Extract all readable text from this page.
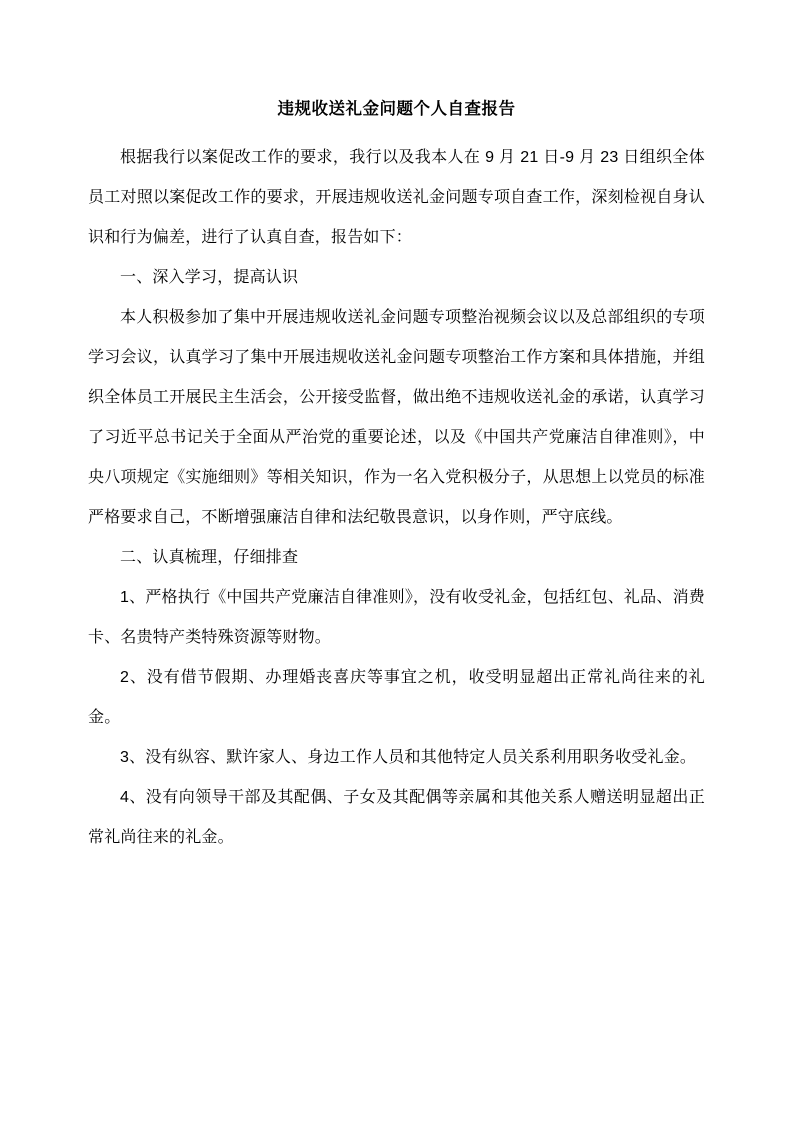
违规收送礼金问题个人自查报告

根据我行以案促改工作的要求，我行以及我本人在 9 月 21 日-9 月 23 日组织全体员工对照以案促改工作的要求，开展违规收送礼金问题专项自查工作，深刻检视自身认识和行为偏差，进行了认真自查，报告如下：

一、深入学习，提高认识

本人积极参加了集中开展违规收送礼金问题专项整治视频会议以及总部组织的专项学习会议，认真学习了集中开展违规收送礼金问题专项整治工作方案和具体措施，并组织全体员工开展民主生活会，公开接受监督，做出绝不违规收送礼金的承诺，认真学习了习近平总书记关于全面从严治党的重要论述，以及《中国共产党廉洁自律准则》，中央八项规定《实施细则》等相关知识，作为一名入党积极分子，从思想上以党员的标准严格要求自己，不断增强廉洁自律和法纪敬畏意识，以身作则，严守底线。

二、认真梳理，仔细排查

1、严格执行《中国共产党廉洁自律准则》，没有收受礼金，包括红包、礼品、消费卡、名贵特产类特殊资源等财物。

2、没有借节假期、办理婚丧喜庆等事宜之机，收受明显超出正常礼尚往来的礼金。

3、没有纵容、默许家人、身边工作人员和其他特定人员关系利用职务收受礼金。

4、没有向领导干部及其配偶、子女及其配偶等亲属和其他关系人赠送明显超出正常礼尚往来的礼金。
